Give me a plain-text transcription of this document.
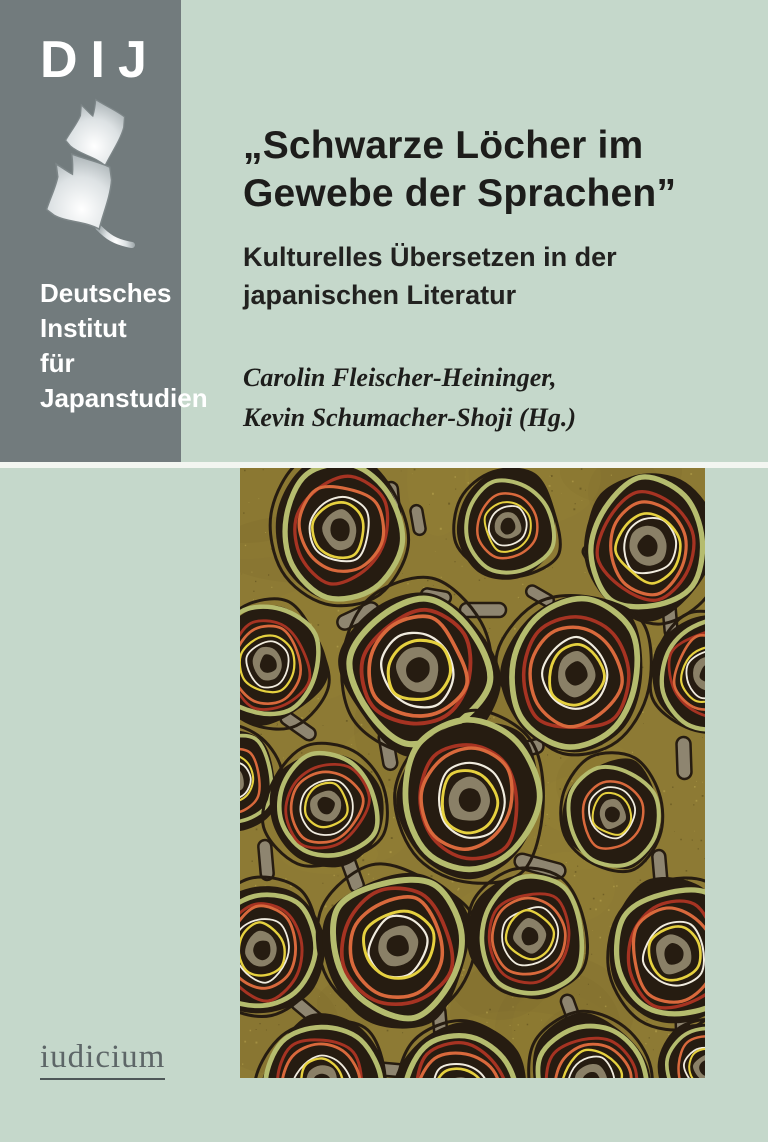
DIJ
Deutsches
Institut
für
Japanstudien
„Schwarze Löcher im
Gewebe der Sprachen”
Kulturelles Übersetzen in der
japanischen Literatur

Carolin Fleischer-Heininger,
Kevin Schumacher-Shoji (Hg.)

iudicium
